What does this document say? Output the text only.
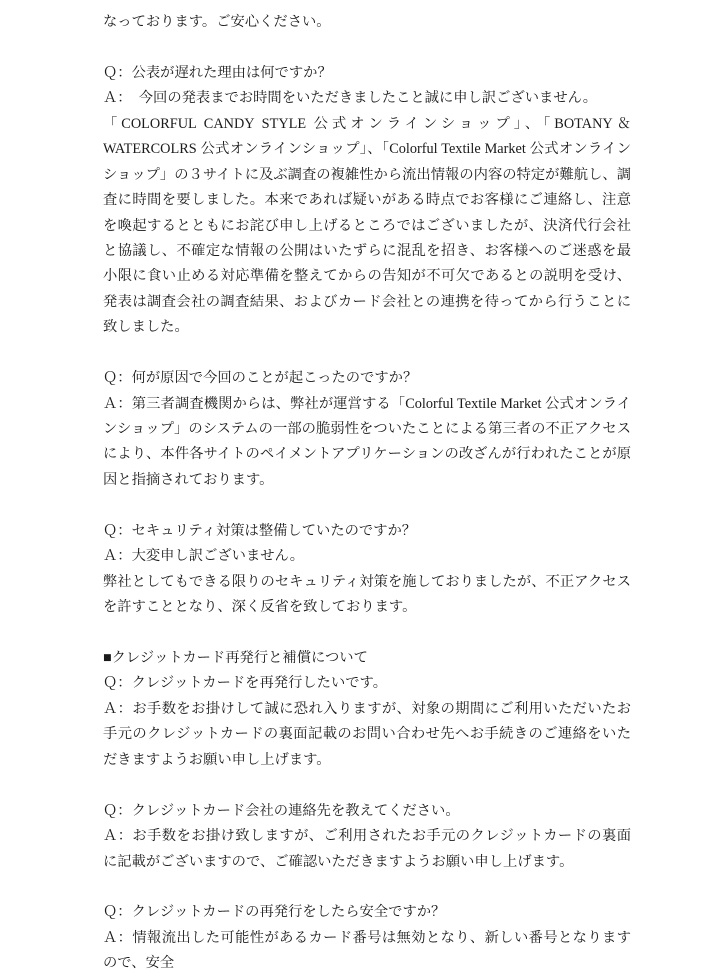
なっております。ご安心ください。

Ｑ：公表が遅れた理由は何ですか？

Ａ：　今回の発表までお時間をいただきましたこと誠に申し訳ございません。

「COLORFUL CANDY STYLE 公式オンラインショップ」、「BOTANY＆WATERCOLRS 公式オンラインショップ」、「Colorful Textile Market 公式オンラインショップ」の３サイトに及ぶ調査の複雑性から流出情報の内容の特定が難航し、調査に時間を要しました。本来であれば疑いがある時点でお客様にご連絡し、注意を喚起するとともにお詫び申し上げるところではございましたが、決済代行会社と協議し、不確定な情報の公開はいたずらに混乱を招き、お客様へのご迷惑を最小限に食い止める対応準備を整えてからの告知が不可欠であるとの説明を受け、発表は調査会社の調査結果、およびカード会社との連携を待ってから行うことに致しました。

Ｑ：何が原因で今回のことが起こったのですか？

Ａ：第三者調査機関からは、弊社が運営する「Colorful Textile Market 公式オンラインショップ」のシステムの一部の脆弱性をついたことによる第三者の不正アクセスにより、本件各サイトのペイメントアプリケーションの改ざんが行われたことが原因と指摘されております。

Ｑ：セキュリティ対策は整備していたのですか？

Ａ：大変申し訳ございません。

弊社としてもできる限りのセキュリティ対策を施しておりましたが、不正アクセスを許すこととなり、深く反省を致しております。

■クレジットカード再発行と補償について

Ｑ：クレジットカードを再発行したいです。

Ａ：お手数をお掛けして誠に恐れ入りますが、対象の期間にご利用いただいたお手元のクレジットカードの裏面記載のお問い合わせ先へお手続きのご連絡をいただきますようお願い申し上げます。

Ｑ：クレジットカード会社の連絡先を教えてください。

Ａ：お手数をお掛け致しますが、ご利用されたお手元のクレジットカードの裏面に記載がございますので、ご確認いただきますようお願い申し上げます。

Ｑ：クレジットカードの再発行をしたら安全ですか？

Ａ：情報流出した可能性があるカード番号は無効となり、新しい番号となりますので、安全
